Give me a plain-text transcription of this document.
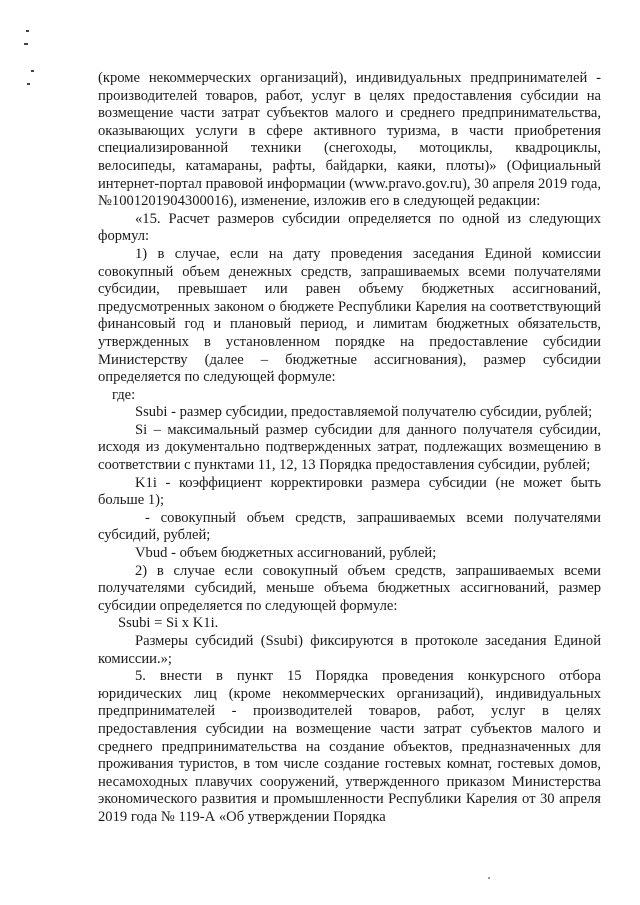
(кроме некоммерческих организаций), индивидуальных предпринимателей - производителей товаров, работ, услуг в целях предоставления субсидии на возмещение части затрат субъектов малого и среднего предпринимательства, оказывающих услуги в сфере активного туризма, в части приобретения специализированной техники (снегоходы, мотоциклы, квадроциклы, велосипеды, катамараны, рафты, байдарки, каяки, плоты)» (Официальный интернет-портал правовой информации (www.pravo.gov.ru), 30 апреля 2019 года, №1001201904300016), изменение, изложив его в следующей редакции:

«15. Расчет размеров субсидии определяется по одной из следующих формул:

1) в случае, если на дату проведения заседания Единой комиссии совокупный объем денежных средств, запрашиваемых всеми получателями субсидии, превышает или равен объему бюджетных ассигнований, предусмотренных законом о бюджете Республики Карелия на соответствующий финансовый год и плановый период, и лимитам бюджетных обязательств, утвержденных в установленном порядке на предоставление субсидии Министерству (далее – бюджетные ассигнования), размер субсидии определяется по следующей формуле:

где:

Ssubi - размер субсидии, предоставляемой получателю субсидии, рублей;

Si – максимальный размер субсидии для данного получателя субсидии, исходя из документально подтвержденных затрат, подлежащих возмещению в соответствии с пунктами 11, 12, 13 Порядка предоставления субсидии, рублей;

K1i - коэффициент корректировки размера субсидии (не может быть больше 1);

- совокупный объем средств, запрашиваемых всеми получателями субсидий, рублей;

Vbud - объем бюджетных ассигнований, рублей;

2) в случае если совокупный объем средств, запрашиваемых всеми получателями субсидий, меньше объема бюджетных ассигнований, размер субсидии определяется по следующей формуле:

Ssubi = Si x K1i.

Размеры субсидий (Ssubi) фиксируются в протоколе заседания Единой комиссии.»;

5. внести в пункт 15 Порядка проведения конкурсного отбора юридических лиц (кроме некоммерческих организаций), индивидуальных предпринимателей - производителей товаров, работ, услуг в целях предоставления субсидии на возмещение части затрат субъектов малого и среднего предпринимательства на создание объектов, предназначенных для проживания туристов, в том числе создание гостевых комнат, гостевых домов, несамоходных плавучих сооружений, утвержденного приказом Министерства экономического развития и промышленности Республики Карелия от 30 апреля 2019 года № 119-А «Об утверждении Порядка
